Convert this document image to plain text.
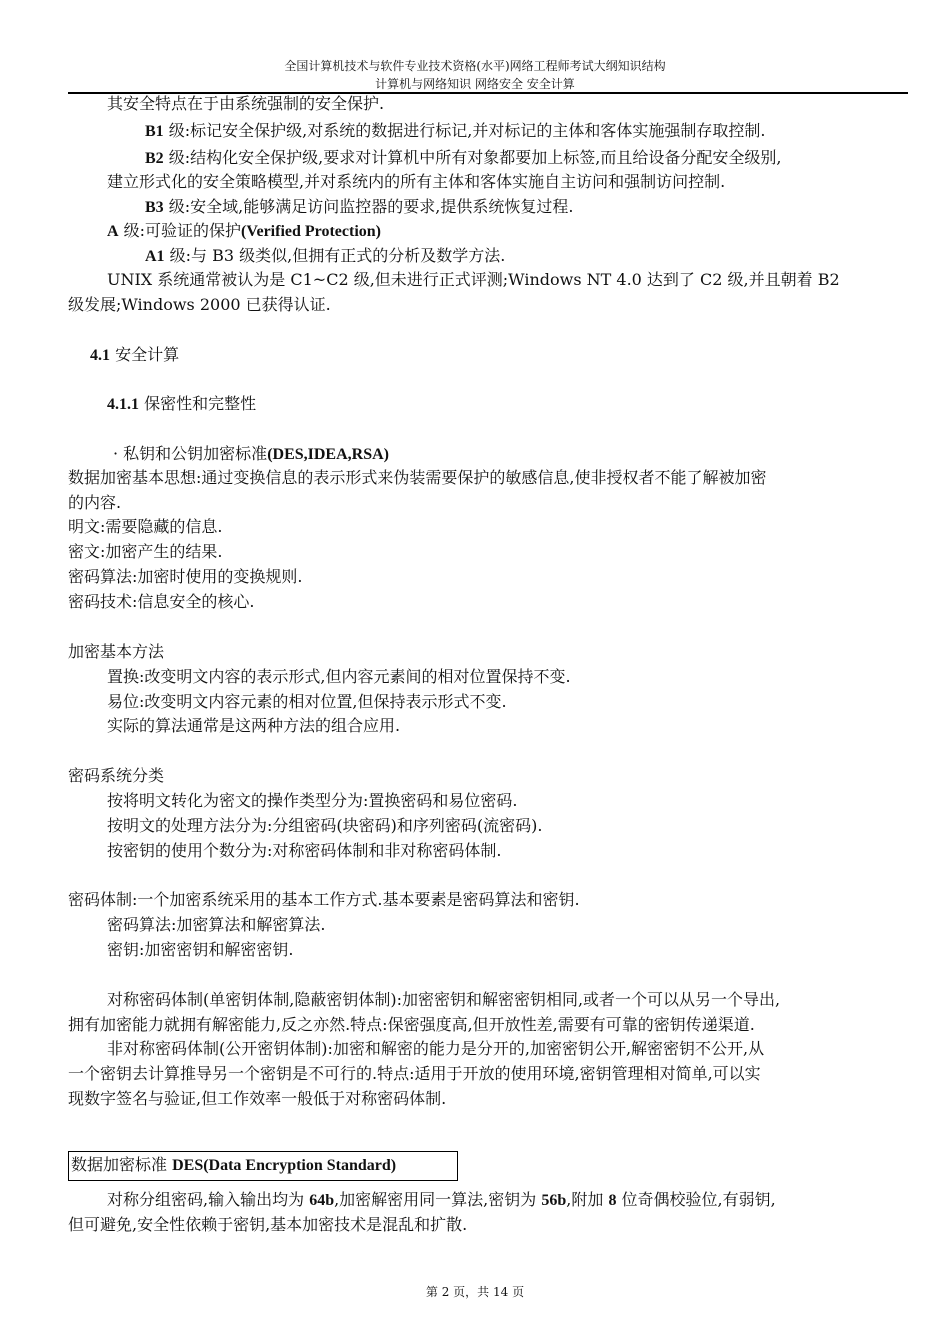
全国计算机技术与软件专业技术资格(水平)网络工程师考试大纲知识结构
计算机与网络知识 网络安全 安全计算
其安全特点在于由系统强制的安全保护.
B1 级:标记安全保护级,对系统的数据进行标记,并对标记的主体和客体实施强制存取控制.
B2 级:结构化安全保护级,要求对计算机中所有对象都要加上标签,而且给设备分配安全级别,
建立形式化的安全策略模型,并对系统内的所有主体和客体实施自主访问和强制访问控制.
B3 级:安全域,能够满足访问监控器的要求,提供系统恢复过程.
A 级:可验证的保护(Verified Protection)
A1 级:与 B3 级类似,但拥有正式的分析及数学方法.
UNIX 系统通常被认为是 C1~C2 级,但未进行正式评测;Windows NT 4.0 达到了 C2 级,并且朝着 B2
级发展;Windows 2000 已获得认证.
4.1 安全计算
4.1.1 保密性和完整性
· 私钥和公钥加密标准(DES,IDEA,RSA)
数据加密基本思想:通过变换信息的表示形式来伪装需要保护的敏感信息,使非授权者不能了解被加密
的内容.
明文:需要隐藏的信息.
密文:加密产生的结果.
密码算法:加密时使用的变换规则.
密码技术:信息安全的核心.
加密基本方法
置换:改变明文内容的表示形式,但内容元素间的相对位置保持不变.
易位:改变明文内容元素的相对位置,但保持表示形式不变.
实际的算法通常是这两种方法的组合应用.
密码系统分类
按将明文转化为密文的操作类型分为:置换密码和易位密码.
按明文的处理方法分为:分组密码(块密码)和序列密码(流密码).
按密钥的使用个数分为:对称密码体制和非对称密码体制.
密码体制:一个加密系统采用的基本工作方式.基本要素是密码算法和密钥.
密码算法:加密算法和解密算法.
密钥:加密密钥和解密密钥.
对称密码体制(单密钥体制,隐蔽密钥体制):加密密钥和解密密钥相同,或者一个可以从另一个导出,
拥有加密能力就拥有解密能力,反之亦然.特点:保密强度高,但开放性差,需要有可靠的密钥传递渠道.
非对称密码体制(公开密钥体制):加密和解密的能力是分开的,加密密钥公开,解密密钥不公开,从
一个密钥去计算推导另一个密钥是不可行的.特点:适用于开放的使用环境,密钥管理相对简单,可以实
现数字签名与验证,但工作效率一般低于对称密码体制.
数据加密标准 DES(Data Encryption Standard)
对称分组密码,输入输出均为 64b,加密解密用同一算法,密钥为 56b,附加 8 位奇偶校验位,有弱钥,
但可避免,安全性依赖于密钥,基本加密技术是混乱和扩散.
第 2 页，共 14 页
